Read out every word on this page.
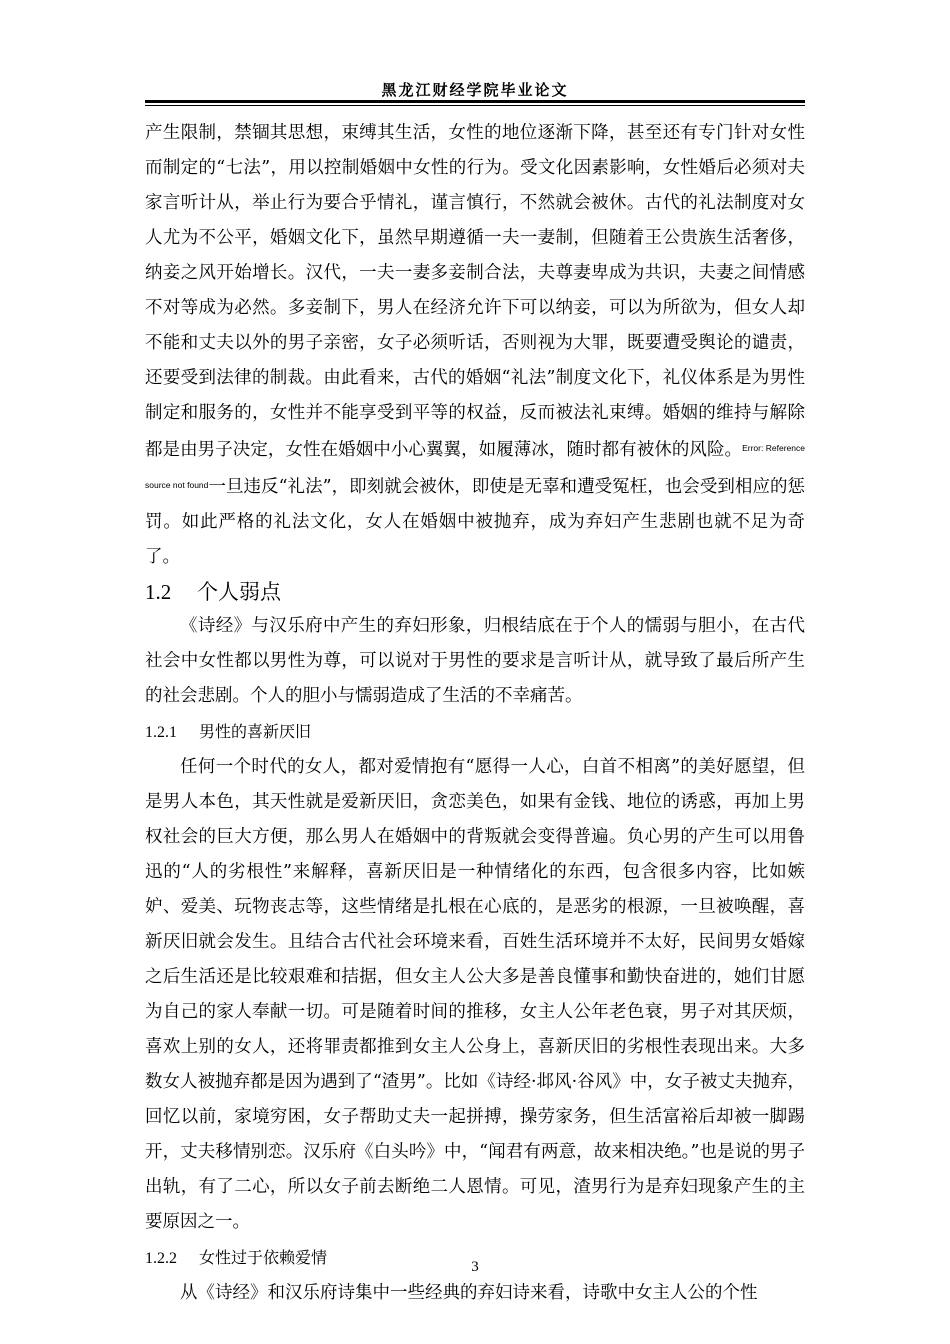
黑龙江财经学院毕业论文

产生限制，禁锢其思想，束缚其生活，女性的地位逐渐下降，甚至还有专门针对女性而制定的“七法”，用以控制婚姻中女性的行为。受文化因素影响，女性婚后必须对夫家言听计从，举止行为要合乎情礼，谨言慎行，不然就会被休。古代的礼法制度对女人尤为不公平，婚姻文化下，虽然早期遵循一夫一妻制，但随着王公贵族生活奢侈，纳妾之风开始增长。汉代，一夫一妻多妾制合法，夫尊妻卑成为共识，夫妻之间情感不对等成为必然。多妾制下，男人在经济允许下可以纳妾，可以为所欲为，但女人却不能和丈夫以外的男子亲密，女子必须听话，否则视为大罪，既要遭受舆论的谴责，还要受到法律的制裁。由此看来，古代的婚姻“礼法”制度文化下，礼仪体系是为男性制定和服务的，女性并不能享受到平等的权益，反而被法礼束缚。婚姻的维持与解除都是由男子决定，女性在婚姻中小心翼翼，如履薄冰，随时都有被休的风险。$^{Error: Reference source not found}$一旦违反“礼法”，即刻就会被休，即使是无辜和遭受冤枉，也会受到相应的惩罚。如此严格的礼法文化，女人在婚姻中被抛弃，成为弃妇产生悲剧也就不足为奇了。

1.2 个人弱点

《诗经》与汉乐府中产生的弃妇形象，归根结底在于个人的懦弱与胆小，在古代社会中女性都以男性为尊，可以说对于男性的要求是言听计从，就导致了最后所产生的社会悲剧。个人的胆小与懦弱造成了生活的不幸痛苦。

1.2.1 男性的喜新厌旧

任何一个时代的女人，都对爱情抱有“愿得一人心，白首不相离”的美好愿望，但是男人本色，其天性就是爱新厌旧，贪恋美色，如果有金钱、地位的诱惑，再加上男权社会的巨大方便，那么男人在婚姻中的背叛就会变得普遍。负心男的产生可以用鲁迅的“人的劣根性”来解释，喜新厌旧是一种情绪化的东西，包含很多内容，比如嫉妒、爱美、玩物丧志等，这些情绪是扎根在心底的，是恶劣的根源，一旦被唤醒，喜新厌旧就会发生。且结合古代社会环境来看，百姓生活环境并不太好，民间男女婚嫁之后生活还是比较艰难和拮据，但女主人公大多是善良懂事和勤快奋进的，她们甘愿为自己的家人奉献一切。可是随着时间的推移，女主人公年老色衰，男子对其厌烦，喜欢上别的女人，还将罪责都推到女主人公身上，喜新厌旧的劣根性表现出来。大多数女人被抛弃都是因为遇到了“渣男”。比如《诗经·邶风·谷风》中，女子被丈夫抛弃，回忆以前，家境穷困，女子帮助丈夫一起拼搏，操劳家务，但生活富裕后却被一脚踢开，丈夫移情别恋。汉乐府《白头吟》中，“闻君有两意，故来相决绝。”也是说的男子出轨，有了二心，所以女子前去断绝二人恩情。可见，渣男行为是弃妇现象产生的主要原因之一。

1.2.2 女性过于依赖爱情

从《诗经》和汉乐府诗集中一些经典的弃妇诗来看，诗歌中女主人公的个性

3
